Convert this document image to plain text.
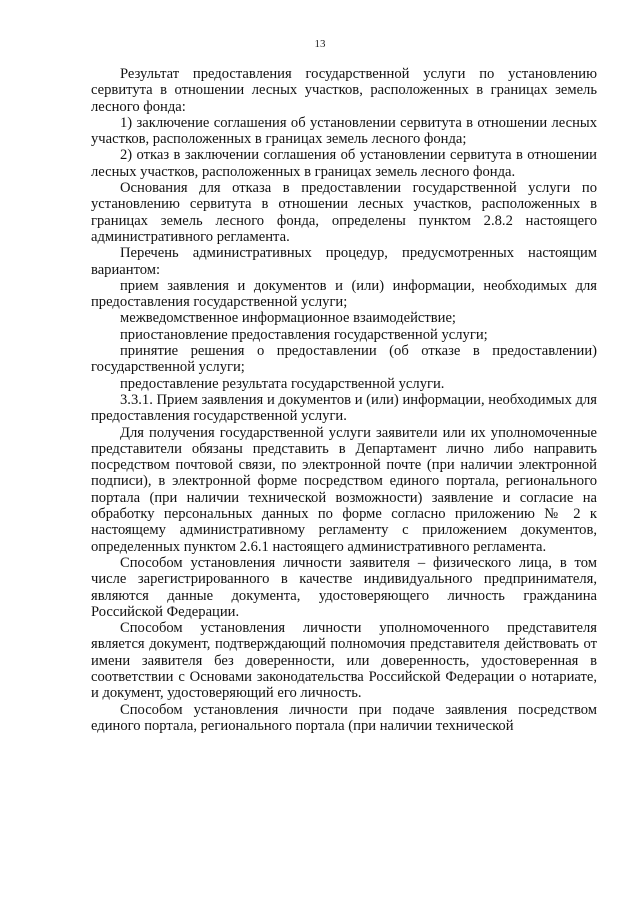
13

Результат предоставления государственной услуги по установлению сервитута в отношении лесных участков, расположенных в границах земель лесного фонда:

1) заключение соглашения об установлении сервитута в отношении лесных участков, расположенных в границах земель лесного фонда;

2) отказ в заключении соглашения об установлении сервитута в отношении лесных участков, расположенных в границах земель лесного фонда.

Основания для отказа в предоставлении государственной услуги по установлению сервитута в отношении лесных участков, расположенных в границах земель лесного фонда, определены пунктом 2.8.2 настоящего административного регламента.

Перечень административных процедур, предусмотренных настоящим вариантом:

прием заявления и документов и (или) информации, необходимых для предоставления государственной услуги;

межведомственное информационное взаимодействие;

приостановление предоставления государственной услуги;

принятие решения о предоставлении (об отказе в предоставлении) государственной услуги;

предоставление результата государственной услуги.

3.3.1. Прием заявления и документов и (или) информации, необходимых для предоставления государственной услуги.

Для получения государственной услуги заявители или их уполномоченные представители обязаны представить в Департамент лично либо направить посредством почтовой связи, по электронной почте (при наличии электронной подписи), в электронной форме посредством единого портала, регионального портала (при наличии технической возможности) заявление и согласие на обработку персональных данных по форме согласно приложению № 2 к настоящему административному регламенту с приложением документов, определенных пунктом 2.6.1 настоящего административного регламента.

Способом установления личности заявителя – физического лица, в том числе зарегистрированного в качестве индивидуального предпринимателя, являются данные документа, удостоверяющего личность гражданина Российской Федерации.

Способом установления личности уполномоченного представителя является документ, подтверждающий полномочия представителя действовать от имени заявителя без доверенности, или доверенность, удостоверенная в соответствии с Основами законодательства Российской Федерации о нотариате, и документ, удостоверяющий его личность.

Способом установления личности при подаче заявления посредством единого портала, регионального портала (при наличии технической
